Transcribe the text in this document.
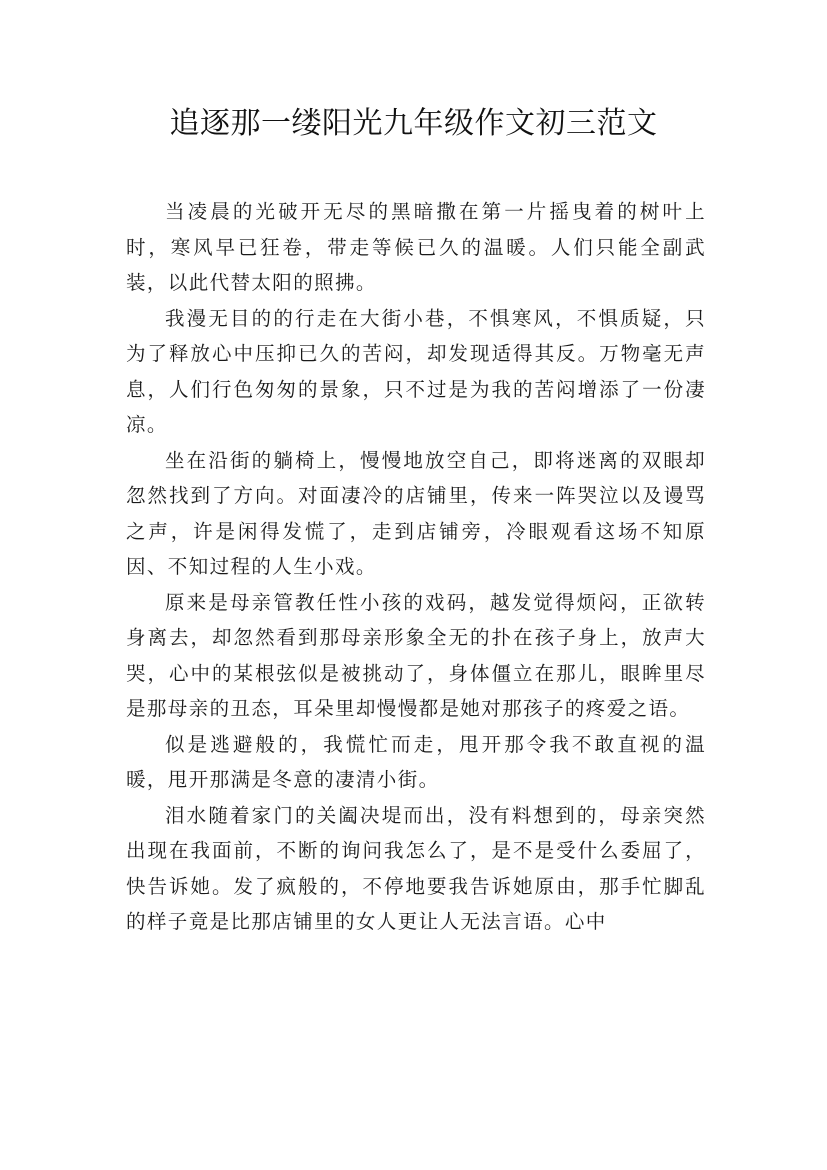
追逐那一缕阳光九年级作文初三范文

当凌晨的光破开无尽的黑暗撒在第一片摇曳着的树叶上时，寒风早已狂卷，带走等候已久的温暖。人们只能全副武装，以此代替太阳的照拂。

我漫无目的的行走在大街小巷，不惧寒风，不惧质疑，只为了释放心中压抑已久的苦闷，却发现适得其反。万物毫无声息，人们行色匆匆的景象，只不过是为我的苦闷增添了一份凄凉。

坐在沿街的躺椅上，慢慢地放空自己，即将迷离的双眼却忽然找到了方向。对面凄冷的店铺里，传来一阵哭泣以及谩骂之声，许是闲得发慌了，走到店铺旁，冷眼观看这场不知原因、不知过程的人生小戏。

原来是母亲管教任性小孩的戏码，越发觉得烦闷，正欲转身离去，却忽然看到那母亲形象全无的扑在孩子身上，放声大哭，心中的某根弦似是被挑动了，身体僵立在那儿，眼眸里尽是那母亲的丑态，耳朵里却慢慢都是她对那孩子的疼爱之语。

似是逃避般的，我慌忙而走，甩开那令我不敢直视的温暖，甩开那满是冬意的凄清小街。

泪水随着家门的关阖决堤而出，没有料想到的，母亲突然出现在我面前，不断的询问我怎么了，是不是受什么委屈了，快告诉她。发了疯般的，不停地要我告诉她原由，那手忙脚乱的样子竟是比那店铺里的女人更让人无法言语。心中
